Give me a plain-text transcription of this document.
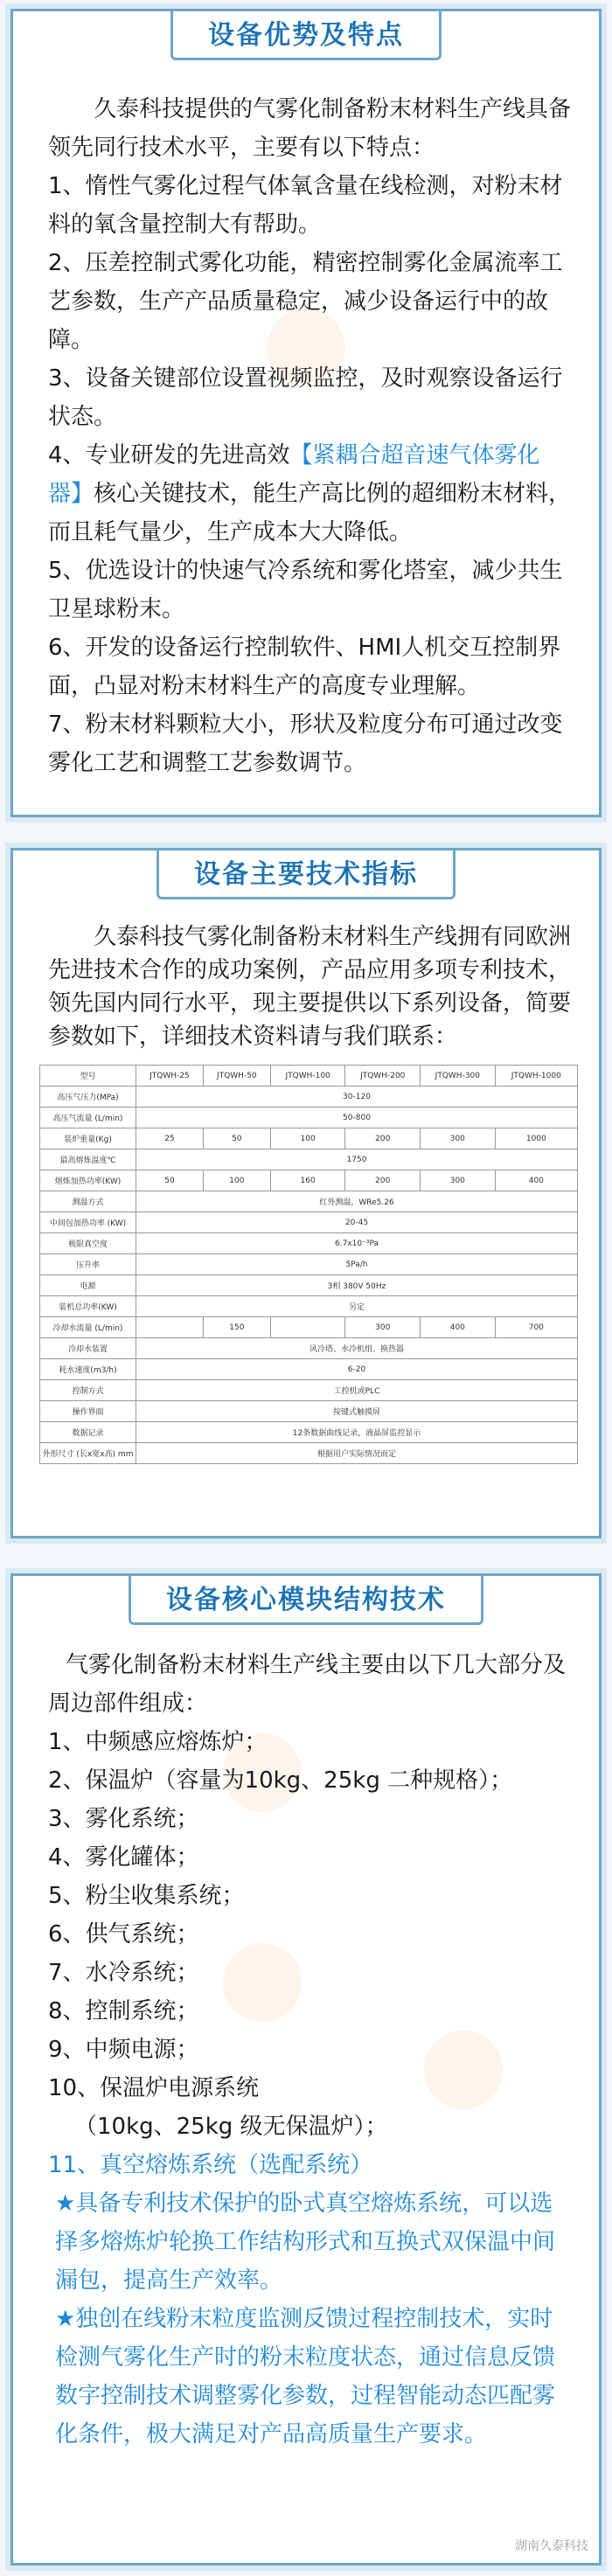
设备优势及特点

久泰科技提供的气雾化制备粉末材料生产线具备领先同行技术水平，主要有以下特点：

1、惰性气雾化过程气体氧含量在线检测，对粉末材料的氧含量控制大有帮助。

2、压差控制式雾化功能，精密控制雾化金属流率工艺参数，生产产品质量稳定，减少设备运行中的故障。

3、设备关键部位设置视频监控，及时观察设备运行状态。

4、专业研发的先进高效【紧耦合超音速气体雾化器】核心关键技术，能生产高比例的超细粉末材料，而且耗气量少，生产成本大大降低。

5、优选设计的快速气冷系统和雾化塔室，减少共生卫星球粉末。

6、开发的设备运行控制软件、HMI人机交互控制界面，凸显对粉末材料生产的高度专业理解。

7、粉末材料颗粒大小，形状及粒度分布可通过改变雾化工艺和调整工艺参数调节。

设备主要技术指标
久泰科技气雾化制备粉末材料生产线拥有同欧洲先进技术合作的成功案例，产品应用多项专利技术，领先国内同行水平，现主要提供以下系列设备，简要参数如下，详细技术资料请与我们联系：
型号	JTQWH-25	JTQWH-50	JTQWH-100	JTQWH-200	JTQWH-300	JTQWH-1000
高压气压力(MPa)	30-120					
高压气流量 (L/min)	50-800					
装炉重量(Kg)	25	50	100	200	300	1000
最高熔炼温度℃	1750					
熔炼加热功率(KW)	50	100	160	200	300	400
测温方式	红外测温，WRe5.26					
中间包加热功率 (KW)	20-45					
极限真空度	6.7x10⁻³Pa					
压升率	5Pa/h					
电源	3相 380V 50Hz					
装机总功率(KW)	另定					
冷却水流量 (L/min)		150		300	400	700
冷却水装置	风冷塔、水冷机组、换热器					
耗水速度(m3/h)	6-20					
控制方式	工控机或PLC					
操作界面	按键式触摸屏					
数据记录	12条数据曲线记录，液晶屏监控显示					
外形尺寸 (长x宽x高) mm	根据用户实际情况而定					
设备核心模块结构技术

气雾化制备粉末材料生产线主要由以下几大部分及周边部件组成：

1、中频感应熔炼炉；

2、保温炉（容量为10kg、25kg 二种规格）；

3、雾化系统；

4、雾化罐体；

5、粉尘收集系统；

6、供气系统；

7、水冷系统；

8、控制系统；

9、中频电源；

10、保温炉电源系统

（10kg、25kg 级无保温炉）；

11、真空熔炼系统（选配系统）

★具备专利技术保护的卧式真空熔炼系统，可以选择多熔炼炉轮换工作结构形式和互换式双保温中间漏包，提高生产效率。

★独创在线粉末粒度监测反馈过程控制技术，实时检测气雾化生产时的粉末粒度状态，通过信息反馈数字控制技术调整雾化参数，过程智能动态匹配雾化条件，极大满足对产品高质量生产要求。

湖南久泰科技
